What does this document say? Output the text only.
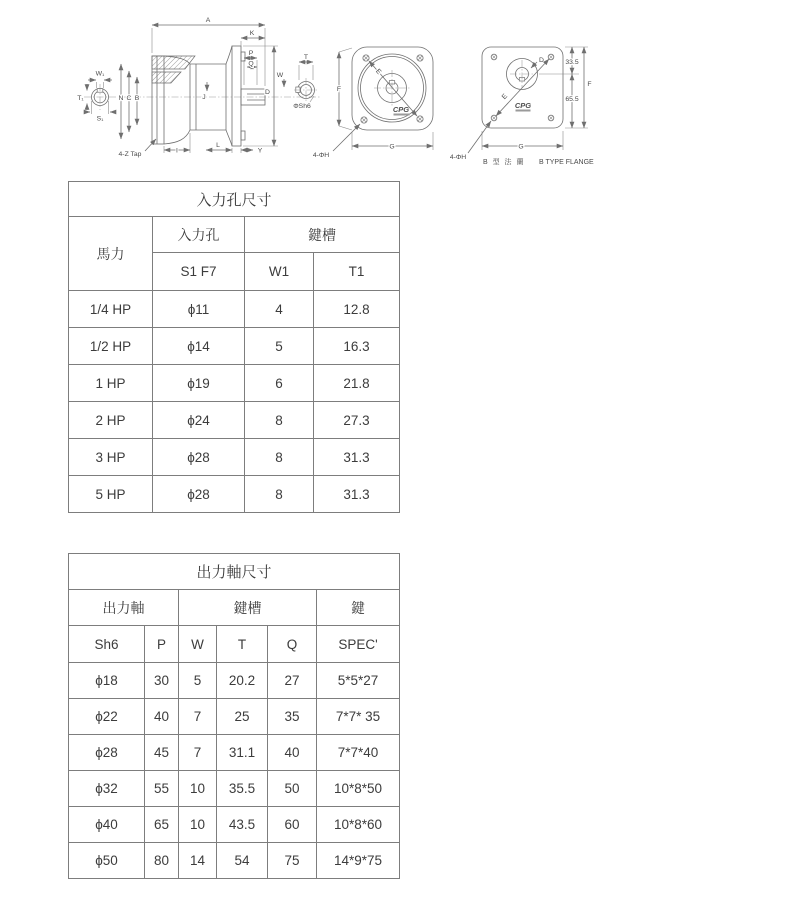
W₁
T₁
S₁
N C B	J
A
K
P
Q
W
D
I
L
Y
4-Z Tap
T
ΦSh6
E
F
G
4-ΦH
CPG
D
E
33.5
65.5
F
G
4-ΦH
B 型 法 蘭 B TYPE FLANGE
CPG
入力孔尺寸			
馬力	入力孔	鍵槽	
	S1 F7	W1	T1
1/4 HP	ϕ11	4	12.8
1/2 HP	ϕ14	5	16.3
1 HP	ϕ19	6	21.8
2 HP	ϕ24	8	27.3
3 HP	ϕ28	8	31.3
5 HP	ϕ28	8	31.3
出力軸尺寸					
出力軸		鍵槽			鍵
Sh6	P	W	T	Q	SPEC'
ϕ18	30	5	20.2	27	5*5*27
ϕ22	40	7	25	35	7*7* 35
ϕ28	45	7	31.1	40	7*7*40
ϕ32	55	10	35.5	50	10*8*50
ϕ40	65	10	43.5	60	10*8*60
ϕ50	80	14	54	75	14*9*75
